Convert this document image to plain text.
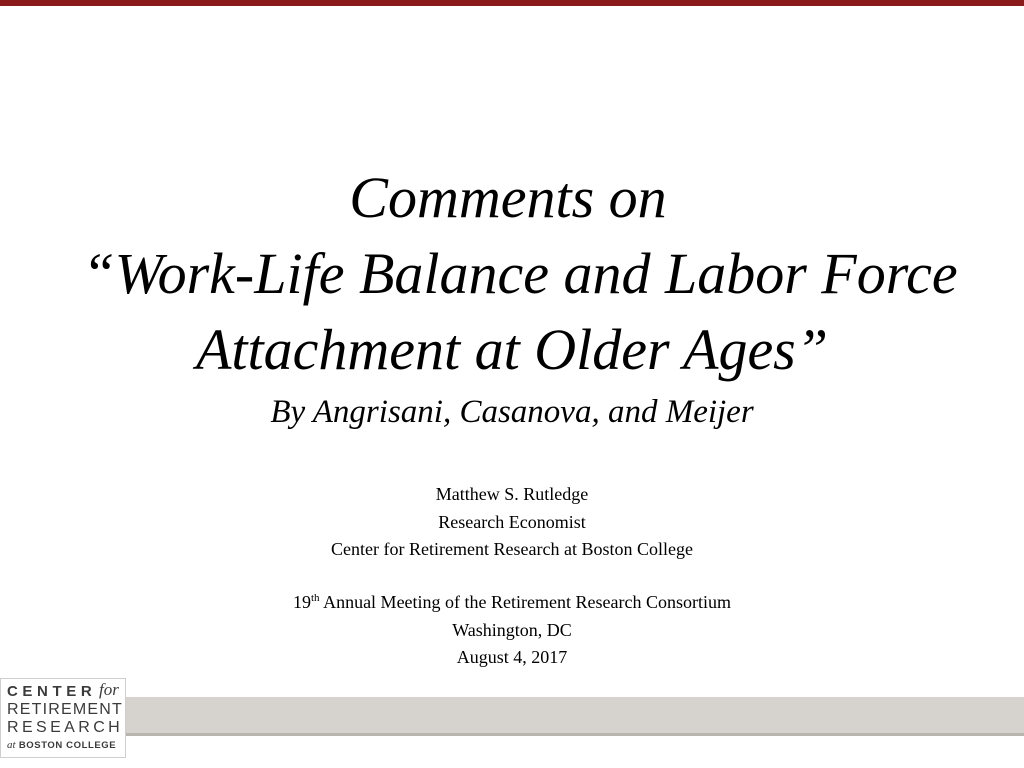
Comments on
“Work-Life Balance and Labor Force
Attachment at Older Ages”
By Angrisani, Casanova, and Meijer
Matthew S. Rutledge
Research Economist
Center for Retirement Research at Boston College
19th Annual Meeting of the Retirement Research Consortium
Washington, DC
August 4, 2017
CENTER for
RETIREMENT
RESEARCH
at BOSTON COLLEGE
